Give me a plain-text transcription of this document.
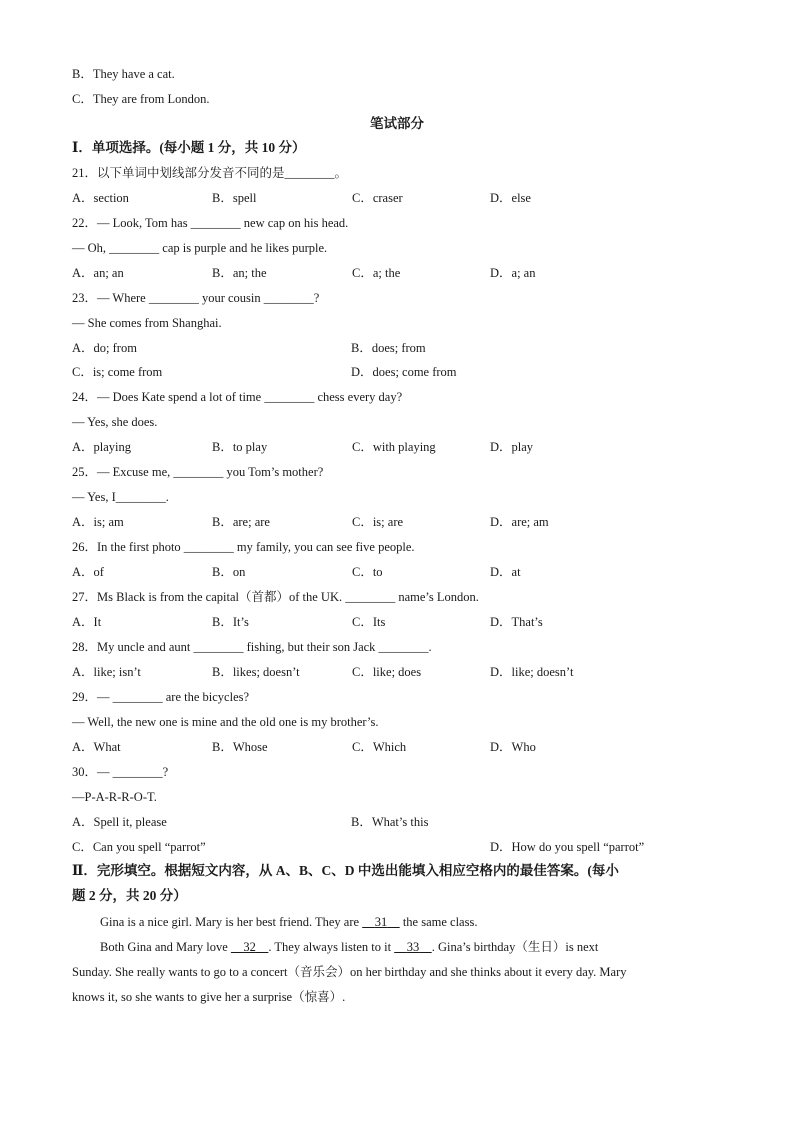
B．They have a cat.
C．They are from London.
笔试部分
Ⅰ．单项选择。(每小题 1 分，共 10 分）
21．以下单词中划线部分发音不同的是________。
A．section	B．spell	C．craser	D．else
22．— Look, Tom has ________ new cap on his head.
— Oh, ________ cap is purple and he likes purple.
A．an; an	B．an; the	C．a; the	D．a; an
23．— Where ________ your cousin ________?
— She comes from Shanghai.
A．do; from	B．does; from
C．is; come from	D．does; come from
24．— Does Kate spend a lot of time ________ chess every day?
— Yes, she does.
A．playing	B．to play	C．with playing	D．play
25．— Excuse me, ________ you Tom’s mother?
— Yes, I________.
A．is; am	B．are; are	C．is; are	D．are; am
26．In the first photo ________ my family, you can see five people.
A．of	B．on	C．to	D．at
27．Ms Black is from the capital（首都）of the UK. ________ name’s London.
A．It	B．It’s	C．Its	D．That’s
28．My uncle and aunt ________ fishing, but their son Jack ________.
A．like; isn’t	B．likes; doesn’t	C．like; does	D．like; doesn’t
29．— ________ are the bicycles?
— Well, the new one is mine and the old one is my brother’s.
A．What	B．Whose	C．Which	D．Who
30．— ________?
—P-A-R-R-O-T.
A．Spell it, please	B．What’s this
C．Can you spell “parrot”	D．How do you spell “parrot”
Ⅱ．完形填空。根据短文内容，从 A、B、C、D 中选出能填入相应空格内的最佳答案。(每小
题 2 分，共 20 分）
Gina is a nice girl. Mary is her best friend. They are     31     the same class.
Both Gina and Mary love     32 . They always listen to it     33 . Gina’s birthday（生日）is next
Sunday. She really wants to go to a concert（音乐会）on her birthday and she thinks about it every day. Mary
knows it, so she wants to give her a surprise（惊喜）.
